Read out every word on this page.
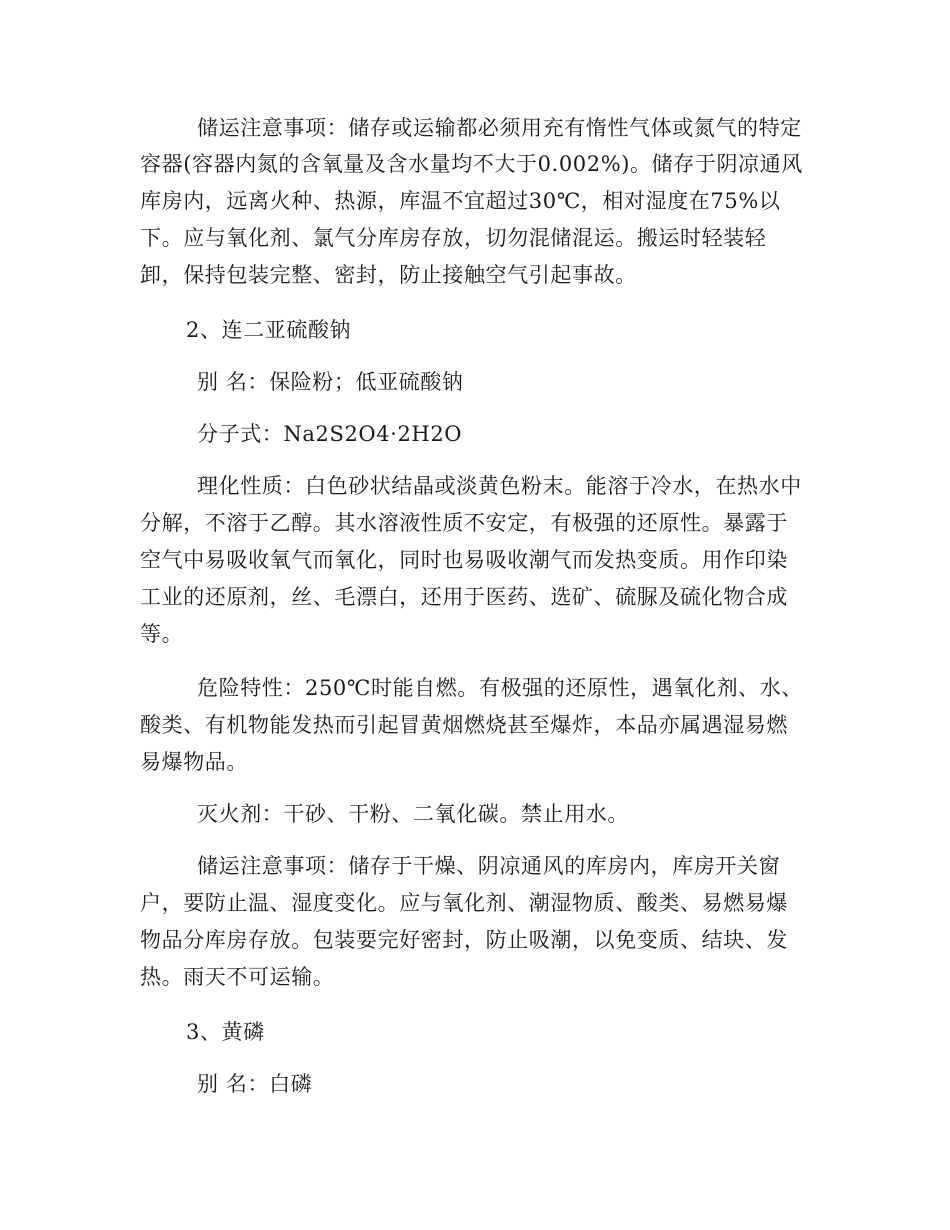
储运注意事项：储存或运输都必须用充有惰性气体或氮气的特定
容器(容器内氮的含氧量及含水量均不大于0.002%)。储存于阴凉通风
库房内，远离火种、热源，库温不宜超过30℃，相对湿度在75%以
下。应与氧化剂、氯气分库房存放，切勿混储混运。搬运时轻装轻
卸，保持包装完整、密封，防止接触空气引起事故。
2、连二亚硫酸钠
别 名：保险粉；低亚硫酸钠
分子式：Na2S2O4·2H2O
理化性质：白色砂状结晶或淡黄色粉末。能溶于冷水，在热水中
分解，不溶于乙醇。其水溶液性质不安定，有极强的还原性。暴露于
空气中易吸收氧气而氧化，同时也易吸收潮气而发热变质。用作印染
工业的还原剂，丝、毛漂白，还用于医药、选矿、硫脲及硫化物合成
等。
危险特性：250℃时能自燃。有极强的还原性，遇氧化剂、水、
酸类、有机物能发热而引起冒黄烟燃烧甚至爆炸，本品亦属遇湿易燃
易爆物品。
灭火剂：干砂、干粉、二氧化碳。禁止用水。
储运注意事项：储存于干燥、阴凉通风的库房内，库房开关窗
户，要防止温、湿度变化。应与氧化剂、潮湿物质、酸类、易燃易爆
物品分库房存放。包装要完好密封，防止吸潮，以免变质、结块、发
热。雨天不可运输。
3、黄磷
别 名：白磷
